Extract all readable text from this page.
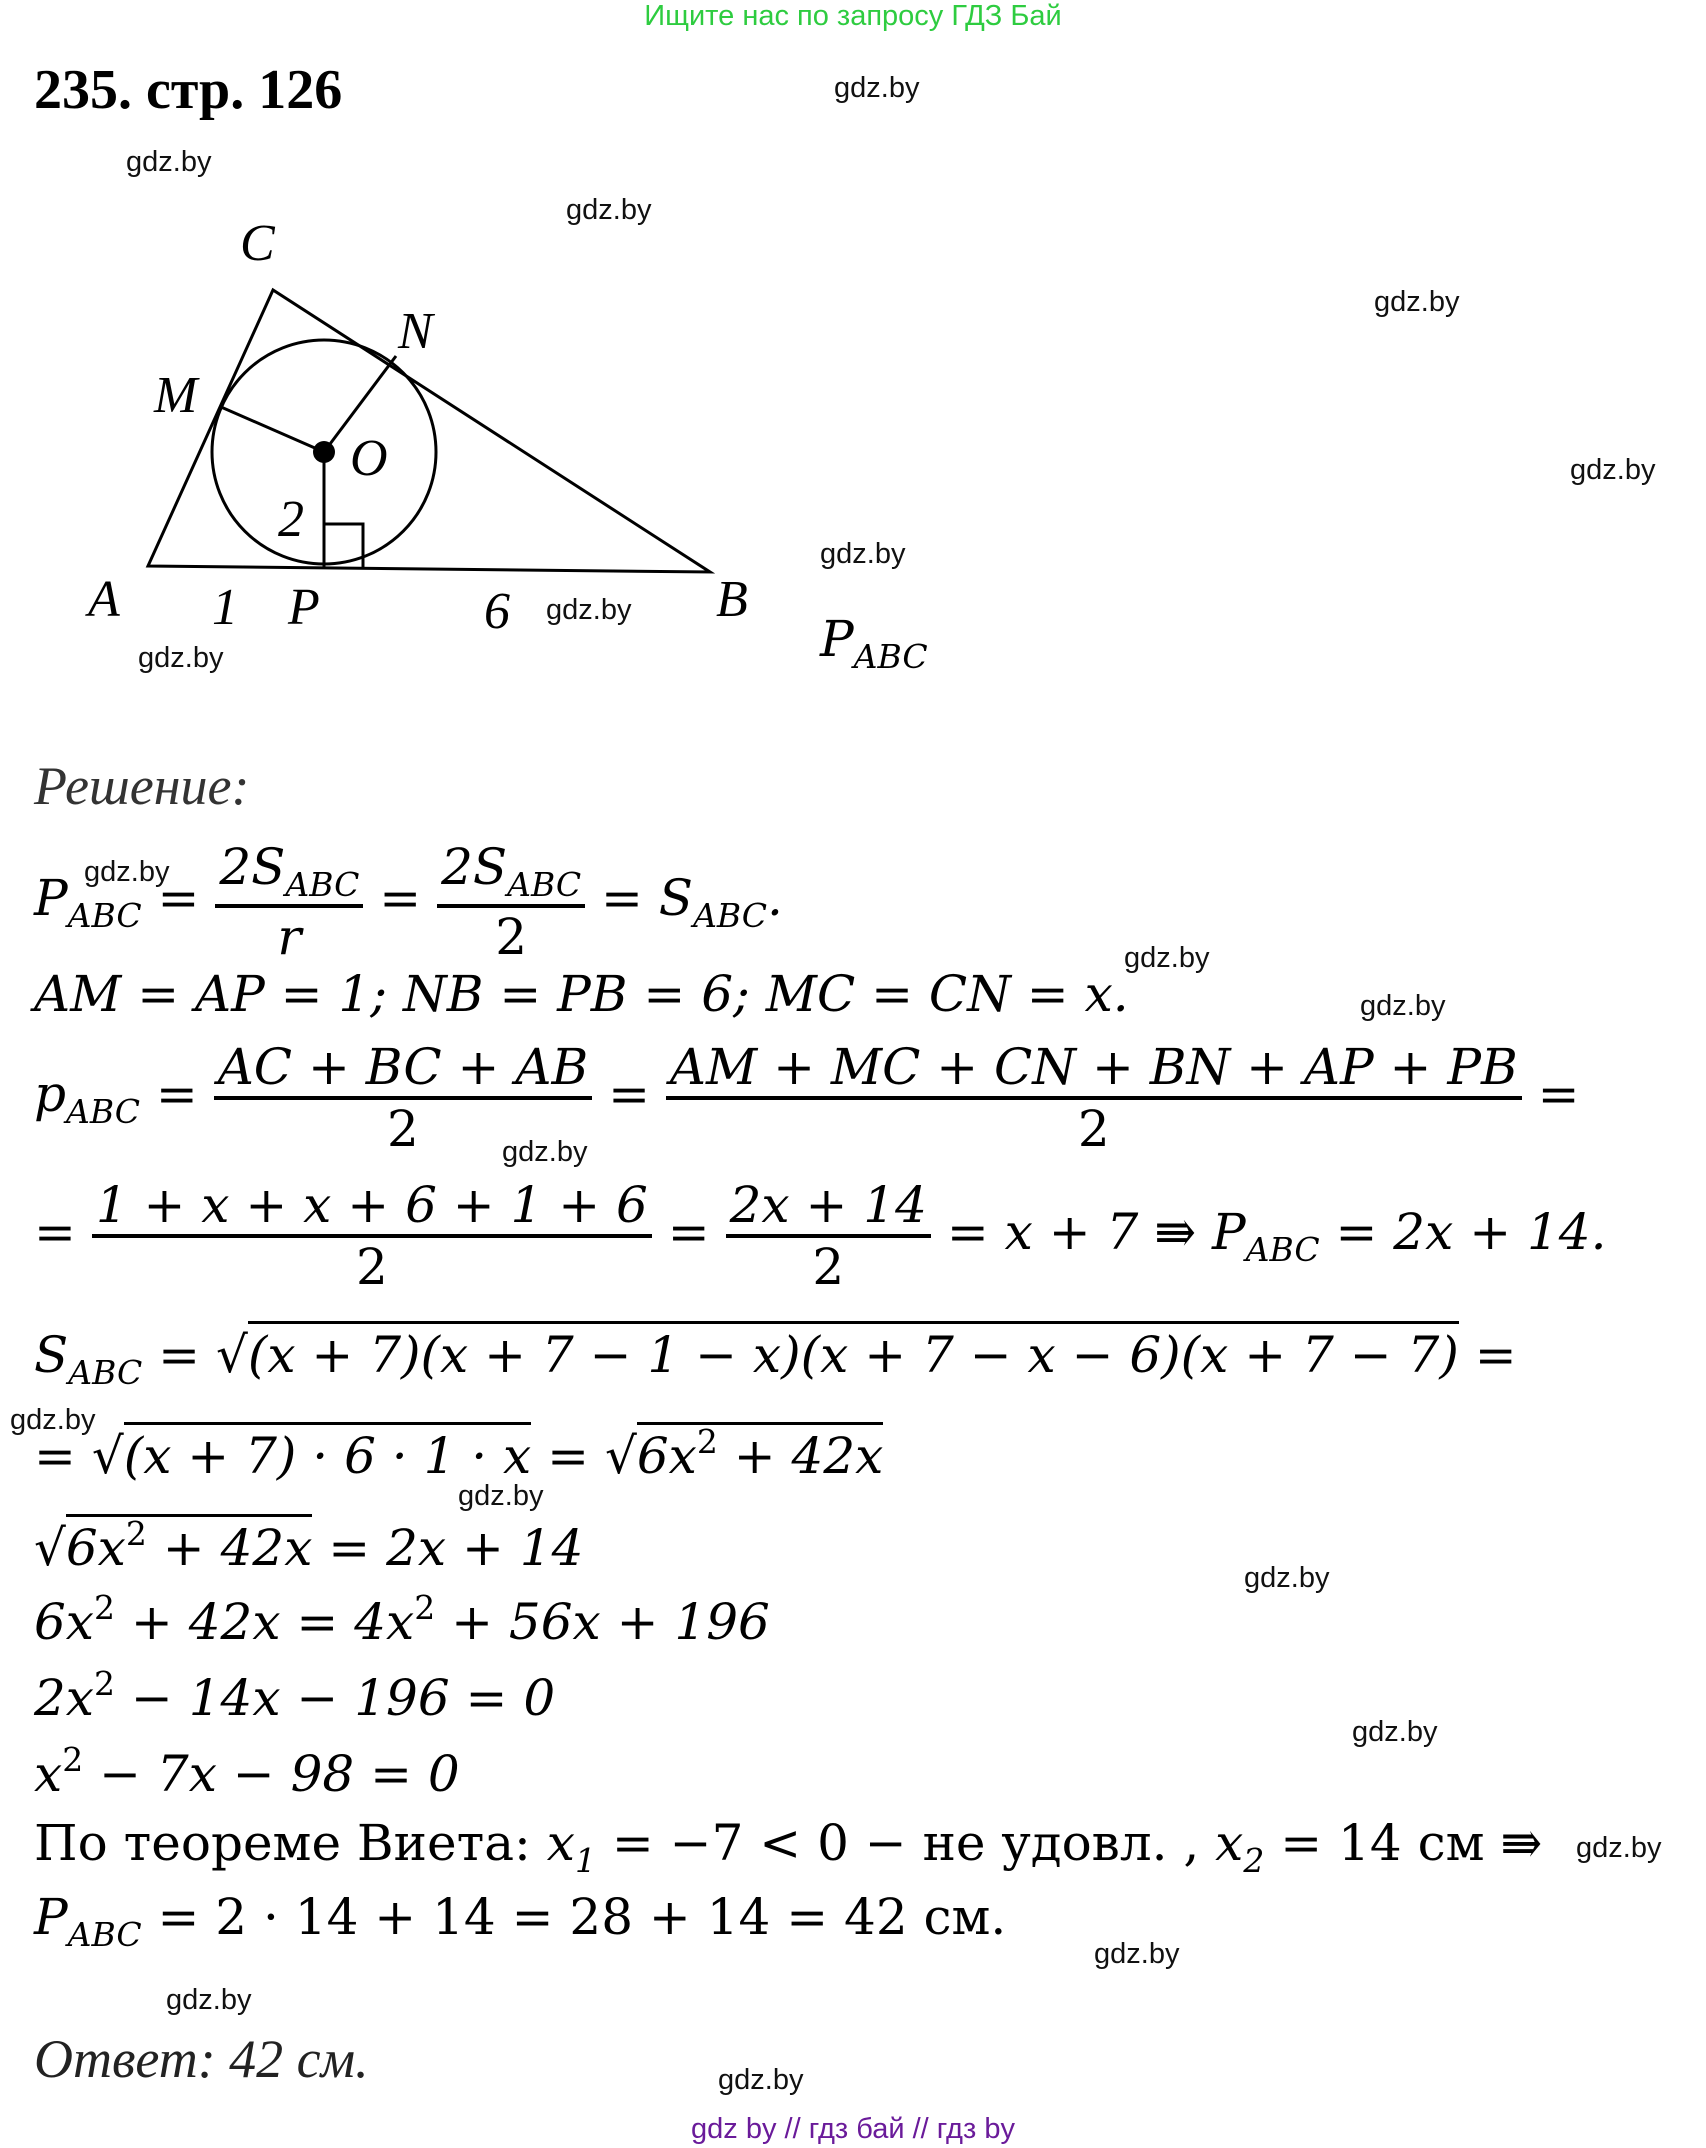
Ищите нас по запросу ГДЗ Бай
235. стр. 126	gdz.by
gdz.by
gdz.by
gdz.by
gdz.by
gdz.by
gdz.by
gdz.by
gdz.by
gdz.by
gdz.by
gdz.by
gdz.by
gdz.by
gdz.by
gdz.by
gdz.by
gdz.by
gdz.by
gdz.by
C
N
M
O
2
A 1 P	6	B
$P_{ABC}$
Решение:
$P_{ABC} = \frac{2S_{ABC}}{r} = \frac{2S_{ABC}}{2} = S_{ABC}$.
AM = AP = 1; NB = PB = 6; MC = CN = x.
$p_{ABC} = \frac{AC + BC + AB}{2} = \frac{AM + MC + CN + BN + AP + PB}{2}$ =
= $\frac{1 + x + x + 6 + 1 + 6}{2} = \frac{2x + 14}{2} = x + 7$ ⇛ $P_{ABC} = 2x + 14$.
$S_{ABC} = √(x + 7)(x + 7 - 1 - x)(x + 7 - x - 6)(x + 7 - 7)$ =
= $√(x + 7) \cdot 6 \cdot 1 \cdot x = √6x^2 + 42x$
$√6x^2 + 42x = 2x + 14$
$6x^2 + 42x = 4x^2 + 56x + 196$
$2x^2 - 14x - 196 = 0$
$x^2 - 7x - 98 = 0$
По теореме Виета: $x_1 = -7 < 0$ − не удовл. , $x_2 = 14$ см ⇛
$P_{ABC} = 2 \cdot 14 + 14 = 28 + 14 = 42$ см.
Ответ: 42 см.
gdz by // гдз бай // гдз by
